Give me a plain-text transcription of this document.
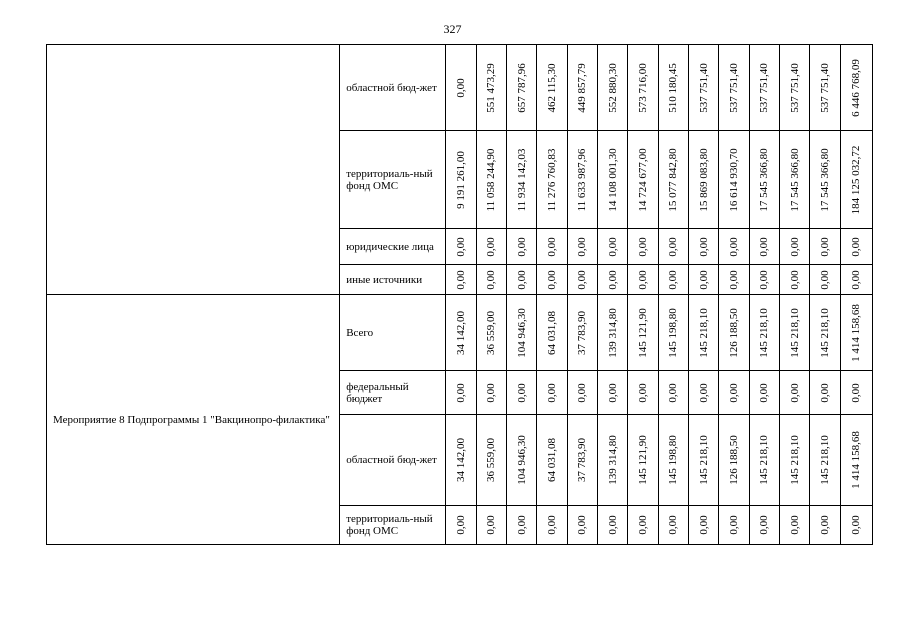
327
	областной бюд-жет	0,00	551 473,29	657 787,96	462 115,30	449 857,79	552 880,30	573 716,00	510 180,45	537 751,40	537 751,40	537 751,40	537 751,40	537 751,40	6 446 768,09

	территориаль-ный фонд ОМС	9 191 261,00	11 058 244,90	11 934 142,03	11 276 760,83	11 633 987,96	14 108 001,30	14 724 677,00	15 077 842,80	15 869 083,80	16 614 930,70	17 545 366,80	17 545 366,80	17 545 366,80	184 125 032,72

	юридические лица	0,00	0,00	0,00	0,00	0,00	0,00	0,00	0,00	0,00	0,00	0,00	0,00	0,00	0,00

	иные источники	0,00	0,00	0,00	0,00	0,00	0,00	0,00	0,00	0,00	0,00	0,00	0,00	0,00	0,00

Мероприятие 8 Подпрограммы 1 "Вакцинопро-филактика"	Всего	34 142,00	36 559,00	104 946,30	64 031,08	37 783,90	139 314,80	145 121,90	145 198,80	145 218,10	126 188,50	145 218,10	145 218,10	145 218,10	1 414 158,68

	федеральный бюджет	0,00	0,00	0,00	0,00	0,00	0,00	0,00	0,00	0,00	0,00	0,00	0,00	0,00	0,00

	областной бюд-жет	34 142,00	36 559,00	104 946,30	64 031,08	37 783,90	139 314,80	145 121,90	145 198,80	145 218,10	126 188,50	145 218,10	145 218,10	145 218,10	1 414 158,68

	территориаль-ный фонд ОМС	0,00	0,00	0,00	0,00	0,00	0,00	0,00	0,00	0,00	0,00	0,00	0,00	0,00	0,00
